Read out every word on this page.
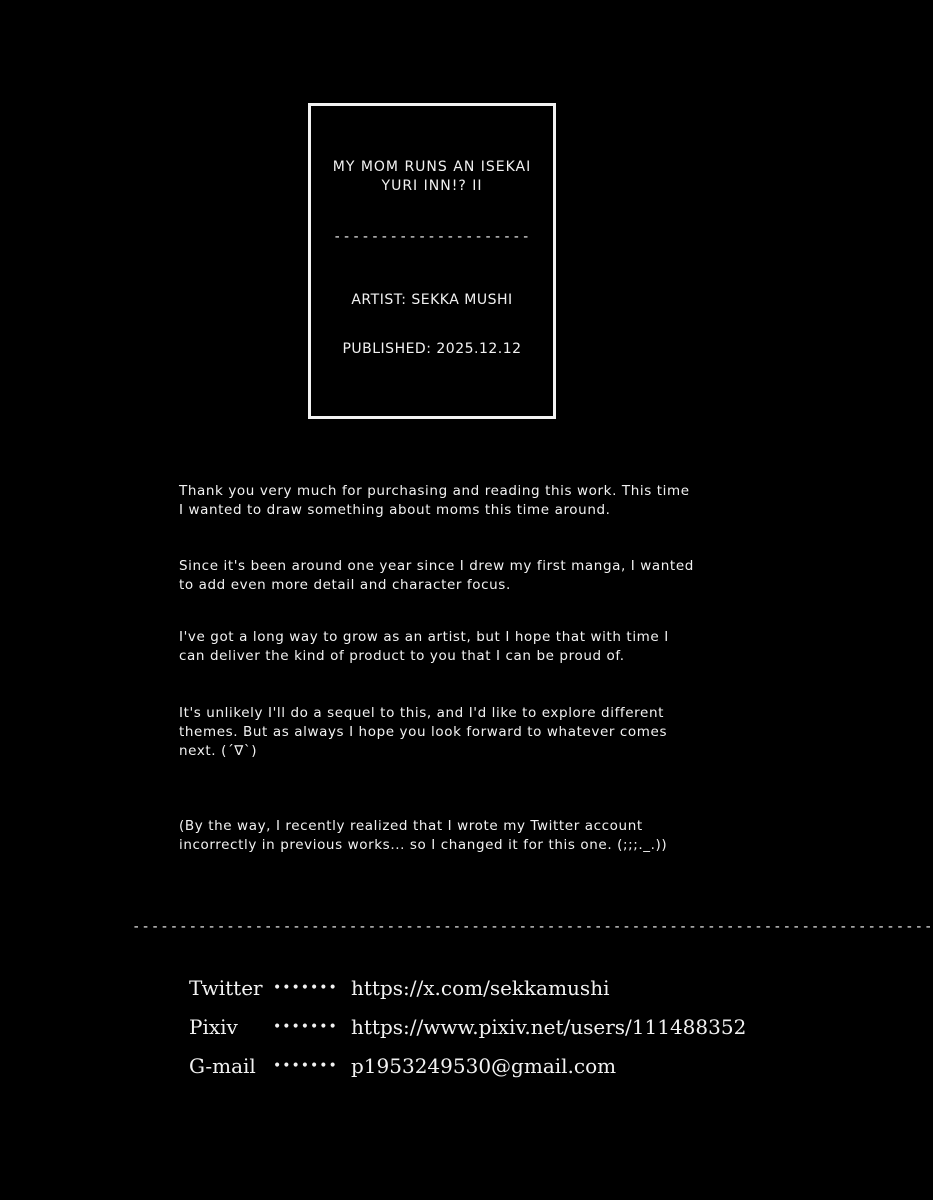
MY MOM RUNS AN ISEKAI
YURI INN!? II
---------------------
ARTIST: SEKKA MUSHI
PUBLISHED: 2025.12.12
Thank you very much for purchasing and reading this work. This time I wanted to draw something about moms this time around.
Since it's been around one year since I drew my first manga, I wanted to add even more detail and character focus.
I've got a long way to grow as an artist, but I hope that with time I can deliver the kind of product to you that I can be proud of.
It's unlikely I'll do a sequel to this, and I'd like to explore different themes. But as always I hope you look forward to whatever comes next. (´∇`)
(By the way, I recently realized that I wrote my Twitter account incorrectly in previous works... so I changed it for this one. (;;;._.))
-------------------------------------------------------------------------------------
Twitter ••••••• https://x.com/sekkamushi
Pixiv	••••••• https://www.pixiv.net/users/111488352
G-mail	••••••• p1953249530@gmail.com
